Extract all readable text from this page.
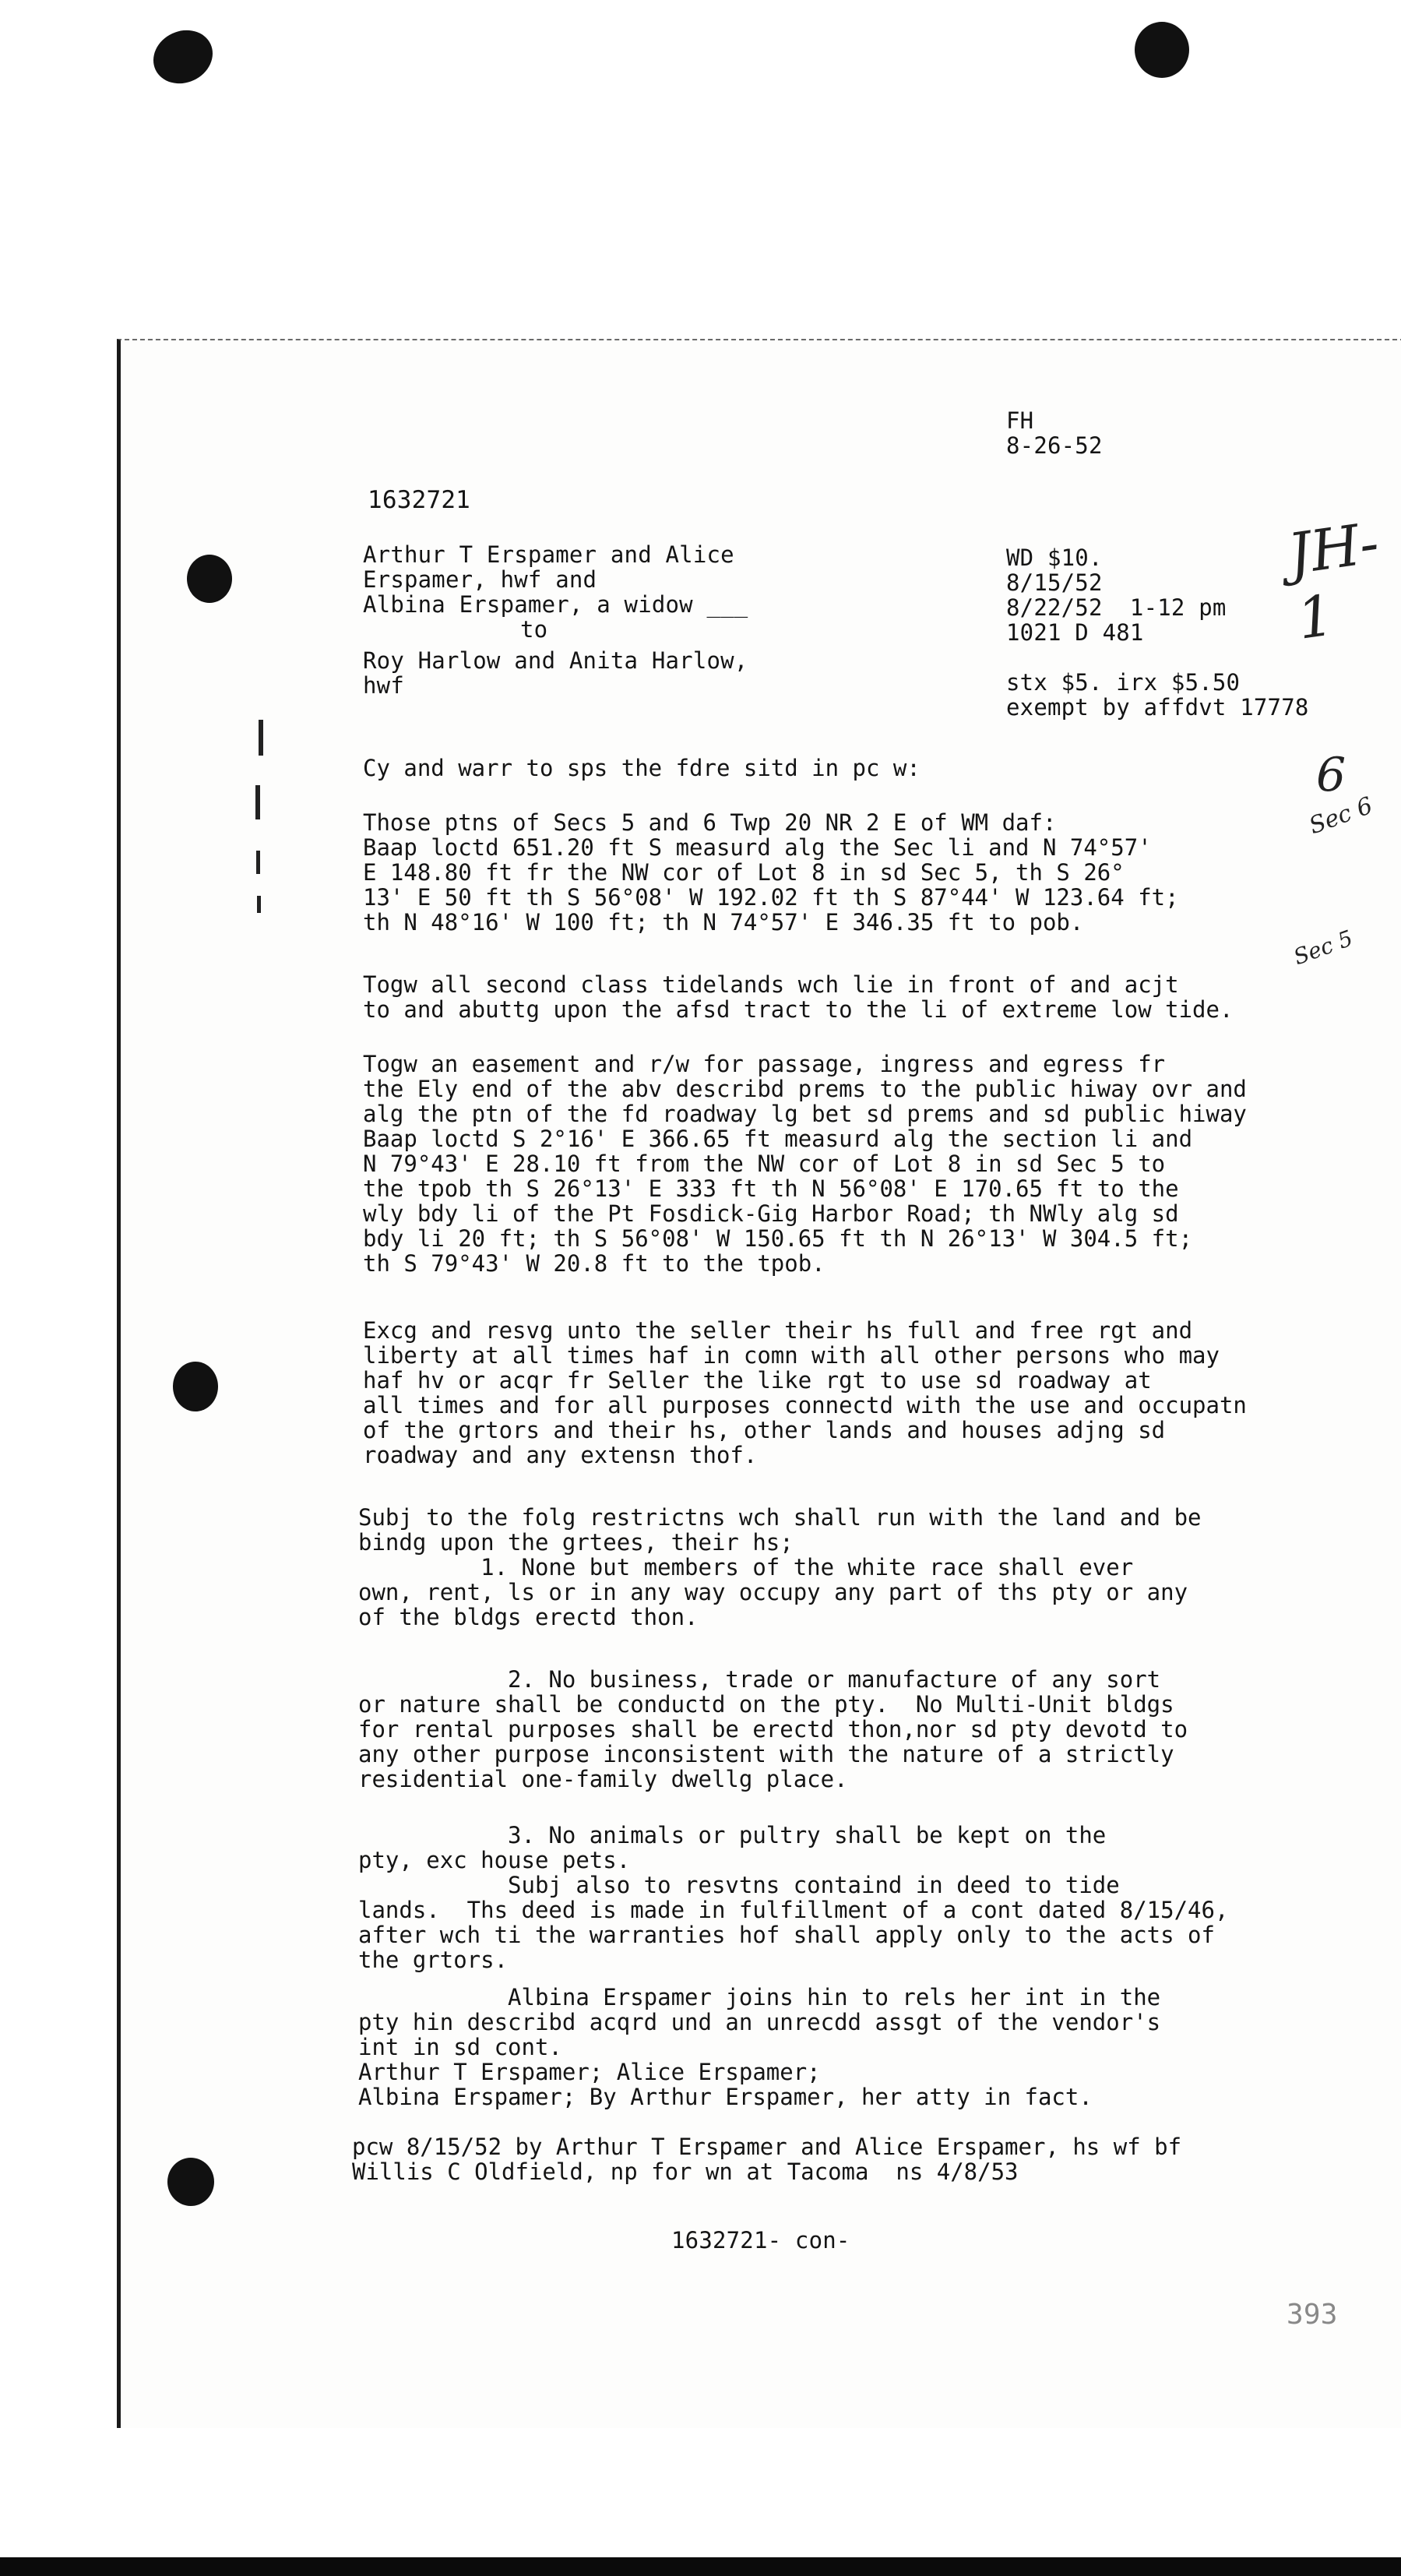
FH
8-26-52
1632721
Arthur T Erspamer and Alice
Erspamer, hwf and
Albina Erspamer, a widow ___
to
Roy Harlow and Anita Harlow,
hwf
WD $10.
8/15/52
8/22/52  1-12 pm
1021 D 481
stx $5. irx $5.50
exempt by affdvt 17778
JH-1
6
Sec 6
Sec 5
Cy and warr to sps the fdre sitd in pc w:
Those ptns of Secs 5 and 6 Twp 20 NR 2 E of WM daf:
Baap loctd 651.20 ft S measurd alg the Sec li and N 74°57'
E 148.80 ft fr the NW cor of Lot 8 in sd Sec 5, th S 26°
13' E 50 ft th S 56°08' W 192.02 ft th S 87°44' W 123.64 ft;
th N 48°16' W 100 ft; th N 74°57' E 346.35 ft to pob.
Togw all second class tidelands wch lie in front of and acjt
to and abuttg upon the afsd tract to the li of extreme low tide.
Togw an easement and r/w for passage, ingress and egress fr
the Ely end of the abv describd prems to the public hiway ovr and
alg the ptn of the fd roadway lg bet sd prems and sd public hiway
Baap loctd S 2°16' E 366.65 ft measurd alg the section li and
N 79°43' E 28.10 ft from the NW cor of Lot 8 in sd Sec 5 to
the tpob th S 26°13' E 333 ft th N 56°08' E 170.65 ft to the
wly bdy li of the Pt Fosdick-Gig Harbor Road; th NWly alg sd
bdy li 20 ft; th S 56°08' W 150.65 ft th N 26°13' W 304.5 ft;
th S 79°43' W 20.8 ft to the tpob.
Excg and resvg unto the seller their hs full and free rgt and
liberty at all times haf in comn with all other persons who may
haf hv or acqr fr Seller the like rgt to use sd roadway at
all times and for all purposes connectd with the use and occupatn
of the grtors and their hs, other lands and houses adjng sd
roadway and any extensn thof.
Subj to the folg restrictns wch shall run with the land and be
bindg upon the grtees, their hs;
1. None but members of the white race shall ever
own, rent, ls or in any way occupy any part of ths pty or any
of the bldgs erectd thon.
2. No business, trade or manufacture of any sort
or nature shall be conductd on the pty.  No Multi-Unit bldgs
for rental purposes shall be erectd thon,nor sd pty devotd to
any other purpose inconsistent with the nature of a strictly
residential one-family dwellg place.
3. No animals or pultry shall be kept on the
pty, exc house pets.
Subj also to resvtns containd in deed to tide
lands.  Ths deed is made in fulfillment of a cont dated 8/15/46,
after wch ti the warranties hof shall apply only to the acts of
the grtors.
Albina Erspamer joins hin to rels her int in the
pty hin describd acqrd und an unrecdd assgt of the vendor's
int in sd cont.
Arthur T Erspamer; Alice Erspamer;
Albina Erspamer; By Arthur Erspamer, her atty in fact.
pcw 8/15/52 by Arthur T Erspamer and Alice Erspamer, hs wf bf
Willis C Oldfield, np for wn at Tacoma  ns 4/8/53
1632721- con-
393
